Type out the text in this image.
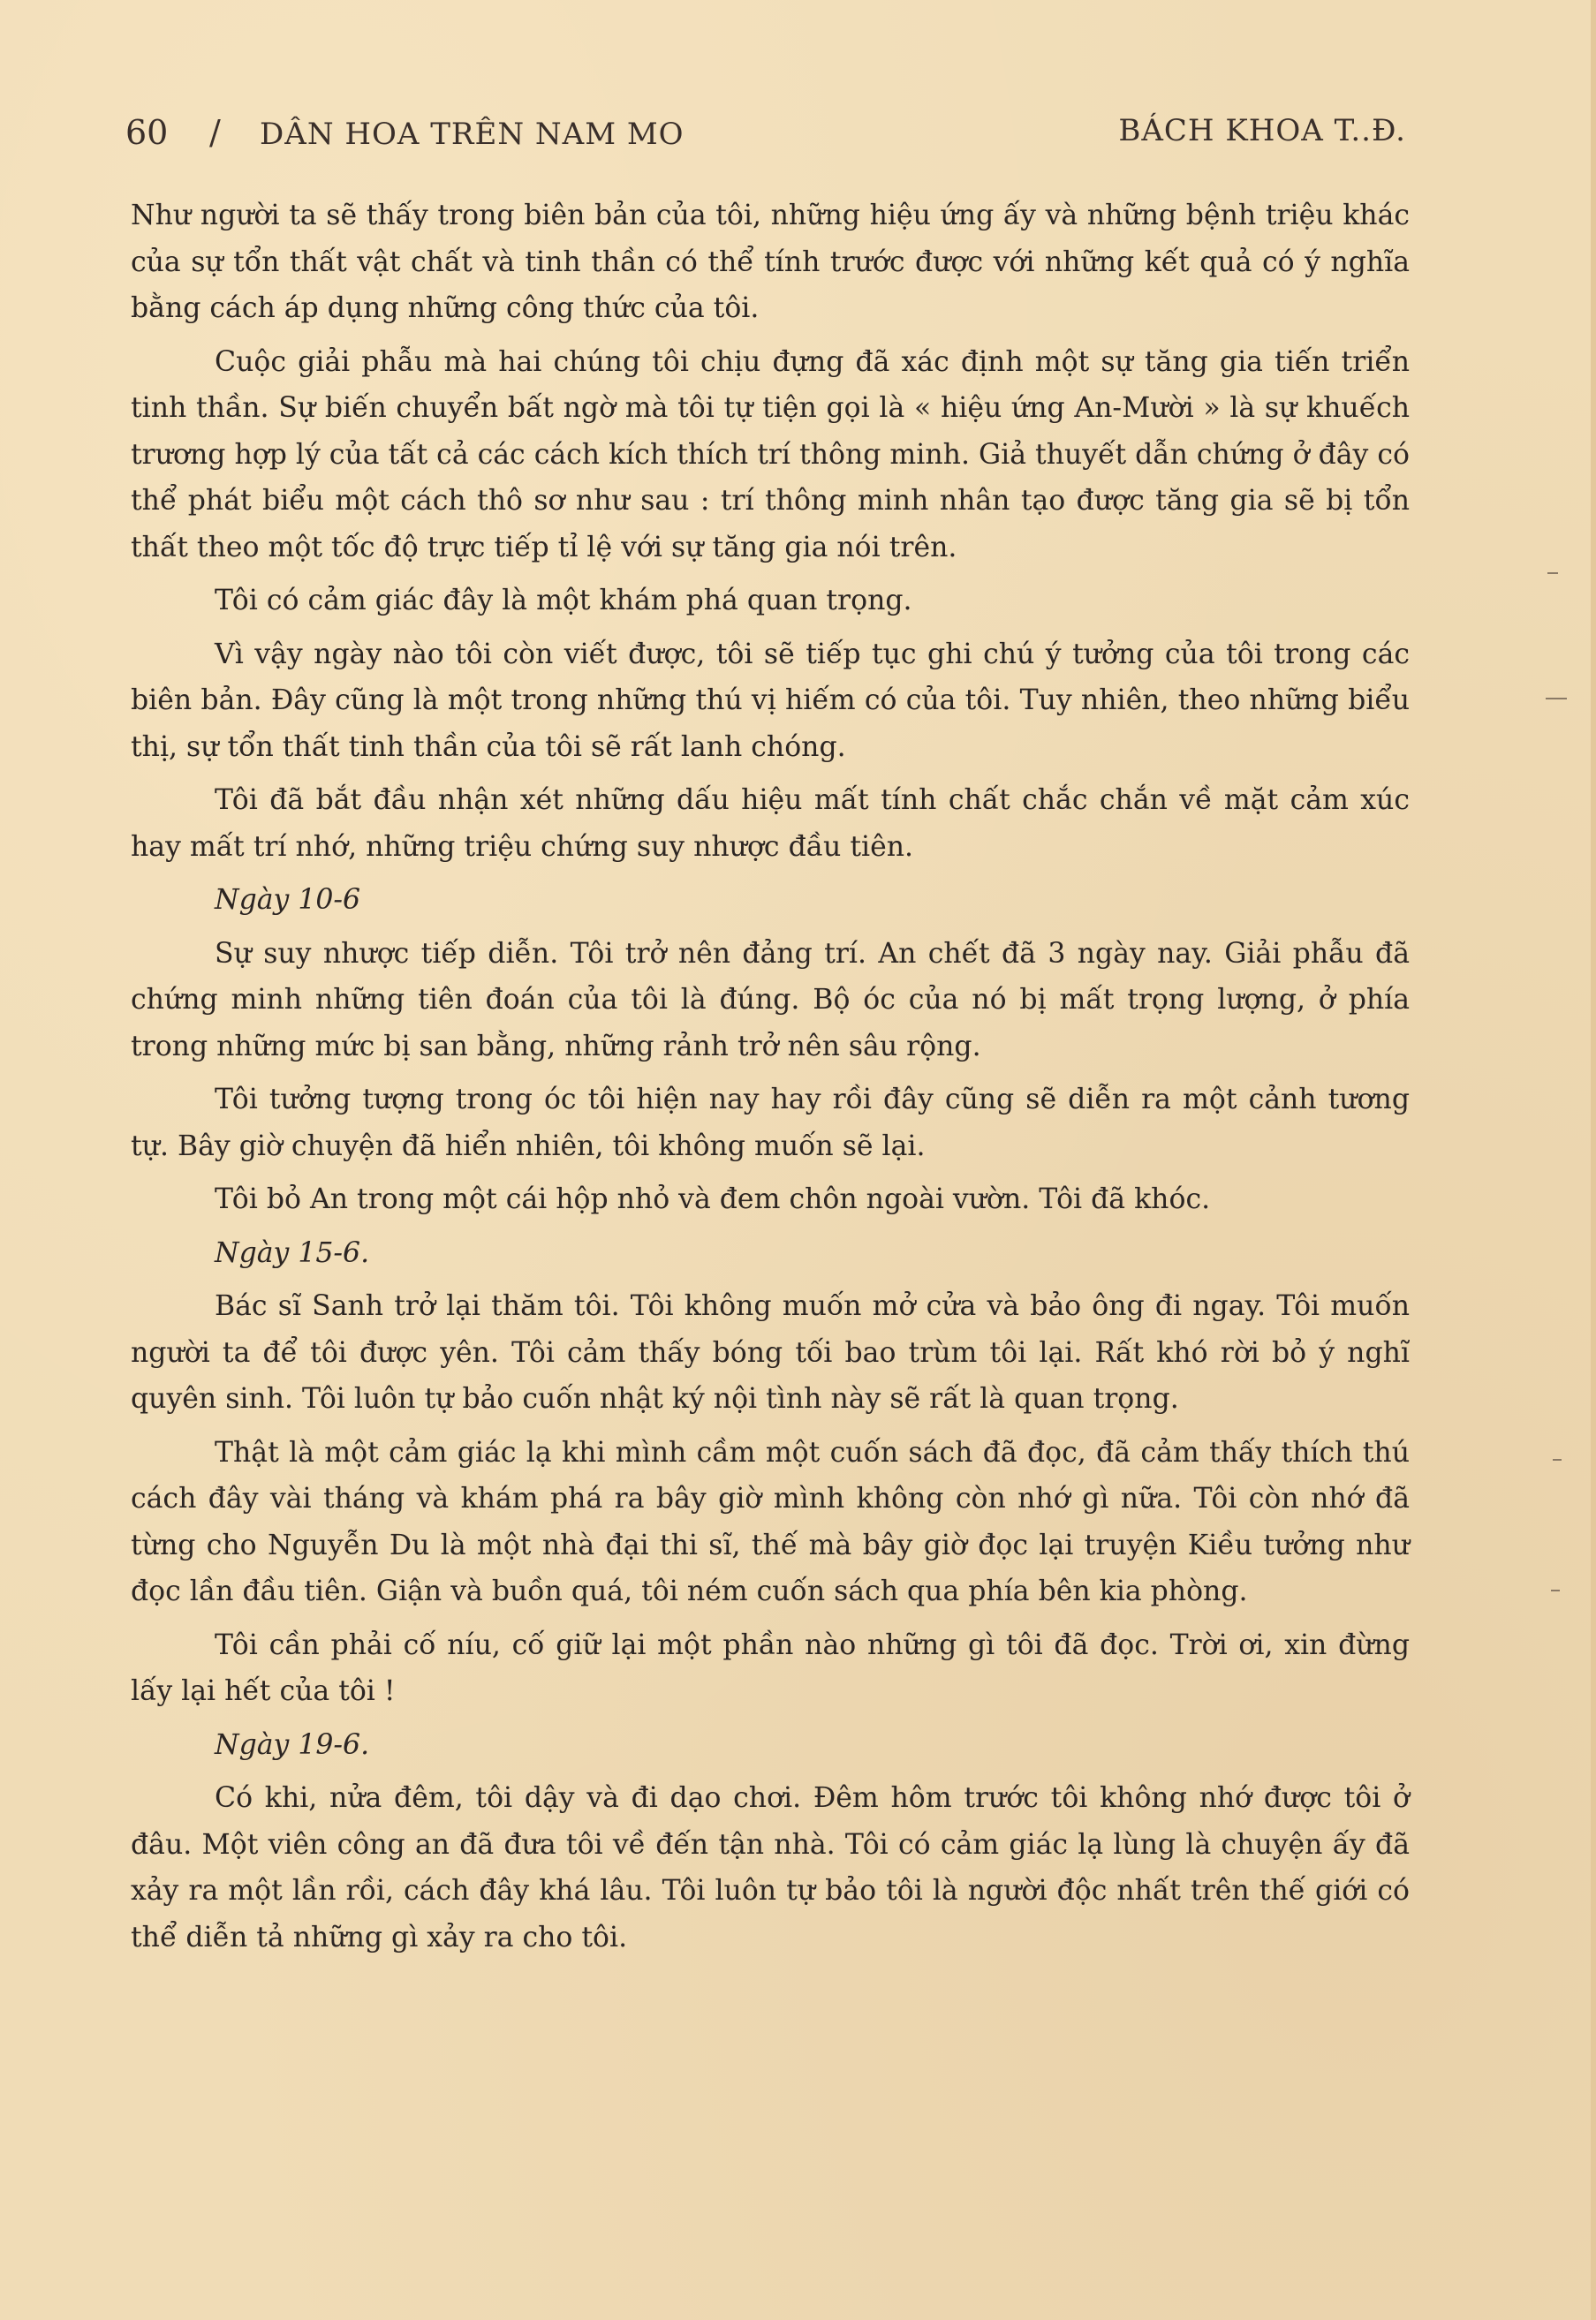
60 / DÂN HOA TRÊN NAM MO	BÁCH KHOA T..Đ.

Như người ta sẽ thấy trong biên bản của tôi, những hiệu ứng ấy và những bệnh triệu khác của sự tổn thất vật chất và tinh thần có thể tính trước được với những kết quả có ý nghĩa bằng cách áp dụng những công thức của tôi.

Cuộc giải phẫu mà hai chúng tôi chịu đựng đã xác định một sự tăng gia tiến triển tinh thần. Sự biến chuyển bất ngờ mà tôi tự tiện gọi là « hiệu ứng An-Mười » là sự khuếch trương hợp lý của tất cả các cách kích thích trí thông minh. Giả thuyết dẫn chứng ở đây có thể phát biểu một cách thô sơ như sau : trí thông minh nhân tạo được tăng gia sẽ bị tổn thất theo một tốc độ trực tiếp tỉ lệ với sự tăng gia nói trên.

Tôi có cảm giác đây là một khám phá quan trọng.

Vì vậy ngày nào tôi còn viết được, tôi sẽ tiếp tục ghi chú ý tưởng của tôi trong các biên bản. Đây cũng là một trong những thú vị hiếm có của tôi. Tuy nhiên, theo những biểu thị, sự tổn thất tinh thần của tôi sẽ rất lanh chóng.

Tôi đã bắt đầu nhận xét những dấu hiệu mất tính chất chắc chắn về mặt cảm xúc hay mất trí nhớ, những triệu chứng suy nhược đầu tiên.

Ngày 10-6

Sự suy nhược tiếp diễn. Tôi trở nên đảng trí. An chết đã 3 ngày nay. Giải phẫu đã chứng minh những tiên đoán của tôi là đúng. Bộ óc của nó bị mất trọng lượng, ở phía trong những mức bị san bằng, những rảnh trở nên sâu rộng.

Tôi tưởng tượng trong óc tôi hiện nay hay rồi đây cũng sẽ diễn ra một cảnh tương tự. Bây giờ chuyện đã hiển nhiên, tôi không muốn sẽ lại.

Tôi bỏ An trong một cái hộp nhỏ và đem chôn ngoài vườn. Tôi đã khóc.

Ngày 15-6.

Bác sĩ Sanh trở lại thăm tôi. Tôi không muốn mở cửa và bảo ông đi ngay. Tôi muốn người ta để tôi được yên. Tôi cảm thấy bóng tối bao trùm tôi lại. Rất khó rời bỏ ý nghĩ quyên sinh. Tôi luôn tự bảo cuốn nhật ký nội tình này sẽ rất là quan trọng.

Thật là một cảm giác lạ khi mình cầm một cuốn sách đã đọc, đã cảm thấy thích thú cách đây vài tháng và khám phá ra bây giờ mình không còn nhớ gì nữa. Tôi còn nhớ đã từng cho Nguyễn Du là một nhà đại thi sĩ, thế mà bây giờ đọc lại truyện Kiều tưởng như đọc lần đầu tiên. Giận và buồn quá, tôi ném cuốn sách qua phía bên kia phòng.

Tôi cần phải cố níu, cố giữ lại một phần nào những gì tôi đã đọc. Trời ơi, xin đừng lấy lại hết của tôi !

Ngày 19-6.

Có khi, nửa đêm, tôi dậy và đi dạo chơi. Đêm hôm trước tôi không nhớ được tôi ở đâu. Một viên công an đã đưa tôi về đến tận nhà. Tôi có cảm giác lạ lùng là chuyện ấy đã xảy ra một lần rồi, cách đây khá lâu. Tôi luôn tự bảo tôi là người độc nhất trên thế giới có thể diễn tả những gì xảy ra cho tôi.
